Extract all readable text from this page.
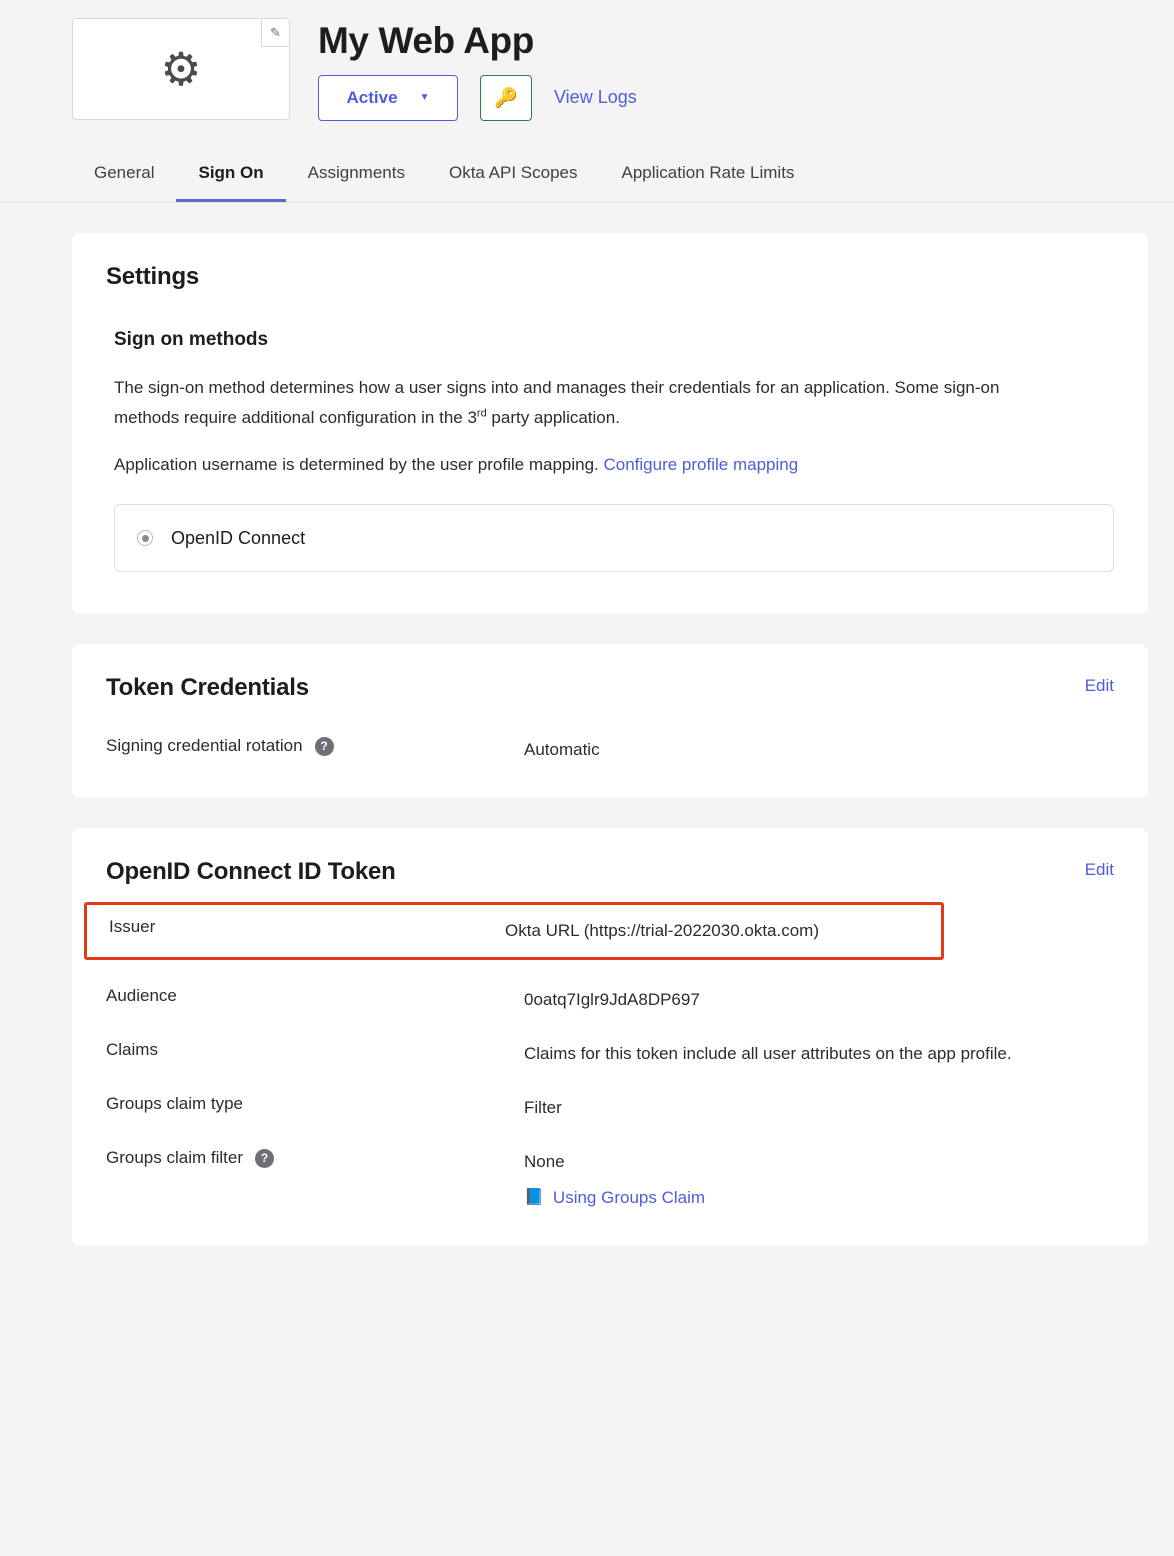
⚙
✎ My Web App
Active ▼	🔑 View Logs
General	Sign On	Assignments	Okta API Scopes	Application Rate Limits
Settings
Sign on methods

The sign-on method determines how a user signs into and manages their credentials for an application. Some sign-on methods require additional configuration in the 3rd party application.

Application username is determined by the user profile mapping. Configure profile mapping

OpenID Connect
Token Credentials	Edit
Signing credential rotation	?	Automatic
OpenID Connect ID Token	Edit
Issuer	Okta URL (https://trial-2022030.okta.com)
Audience	0oatq7Iglr9JdA8DP697
Claims	Claims for this token include all user attributes on the app profile.
Groups claim type	Filter
Groups claim filter	?	None
📘 Using Groups Claim
